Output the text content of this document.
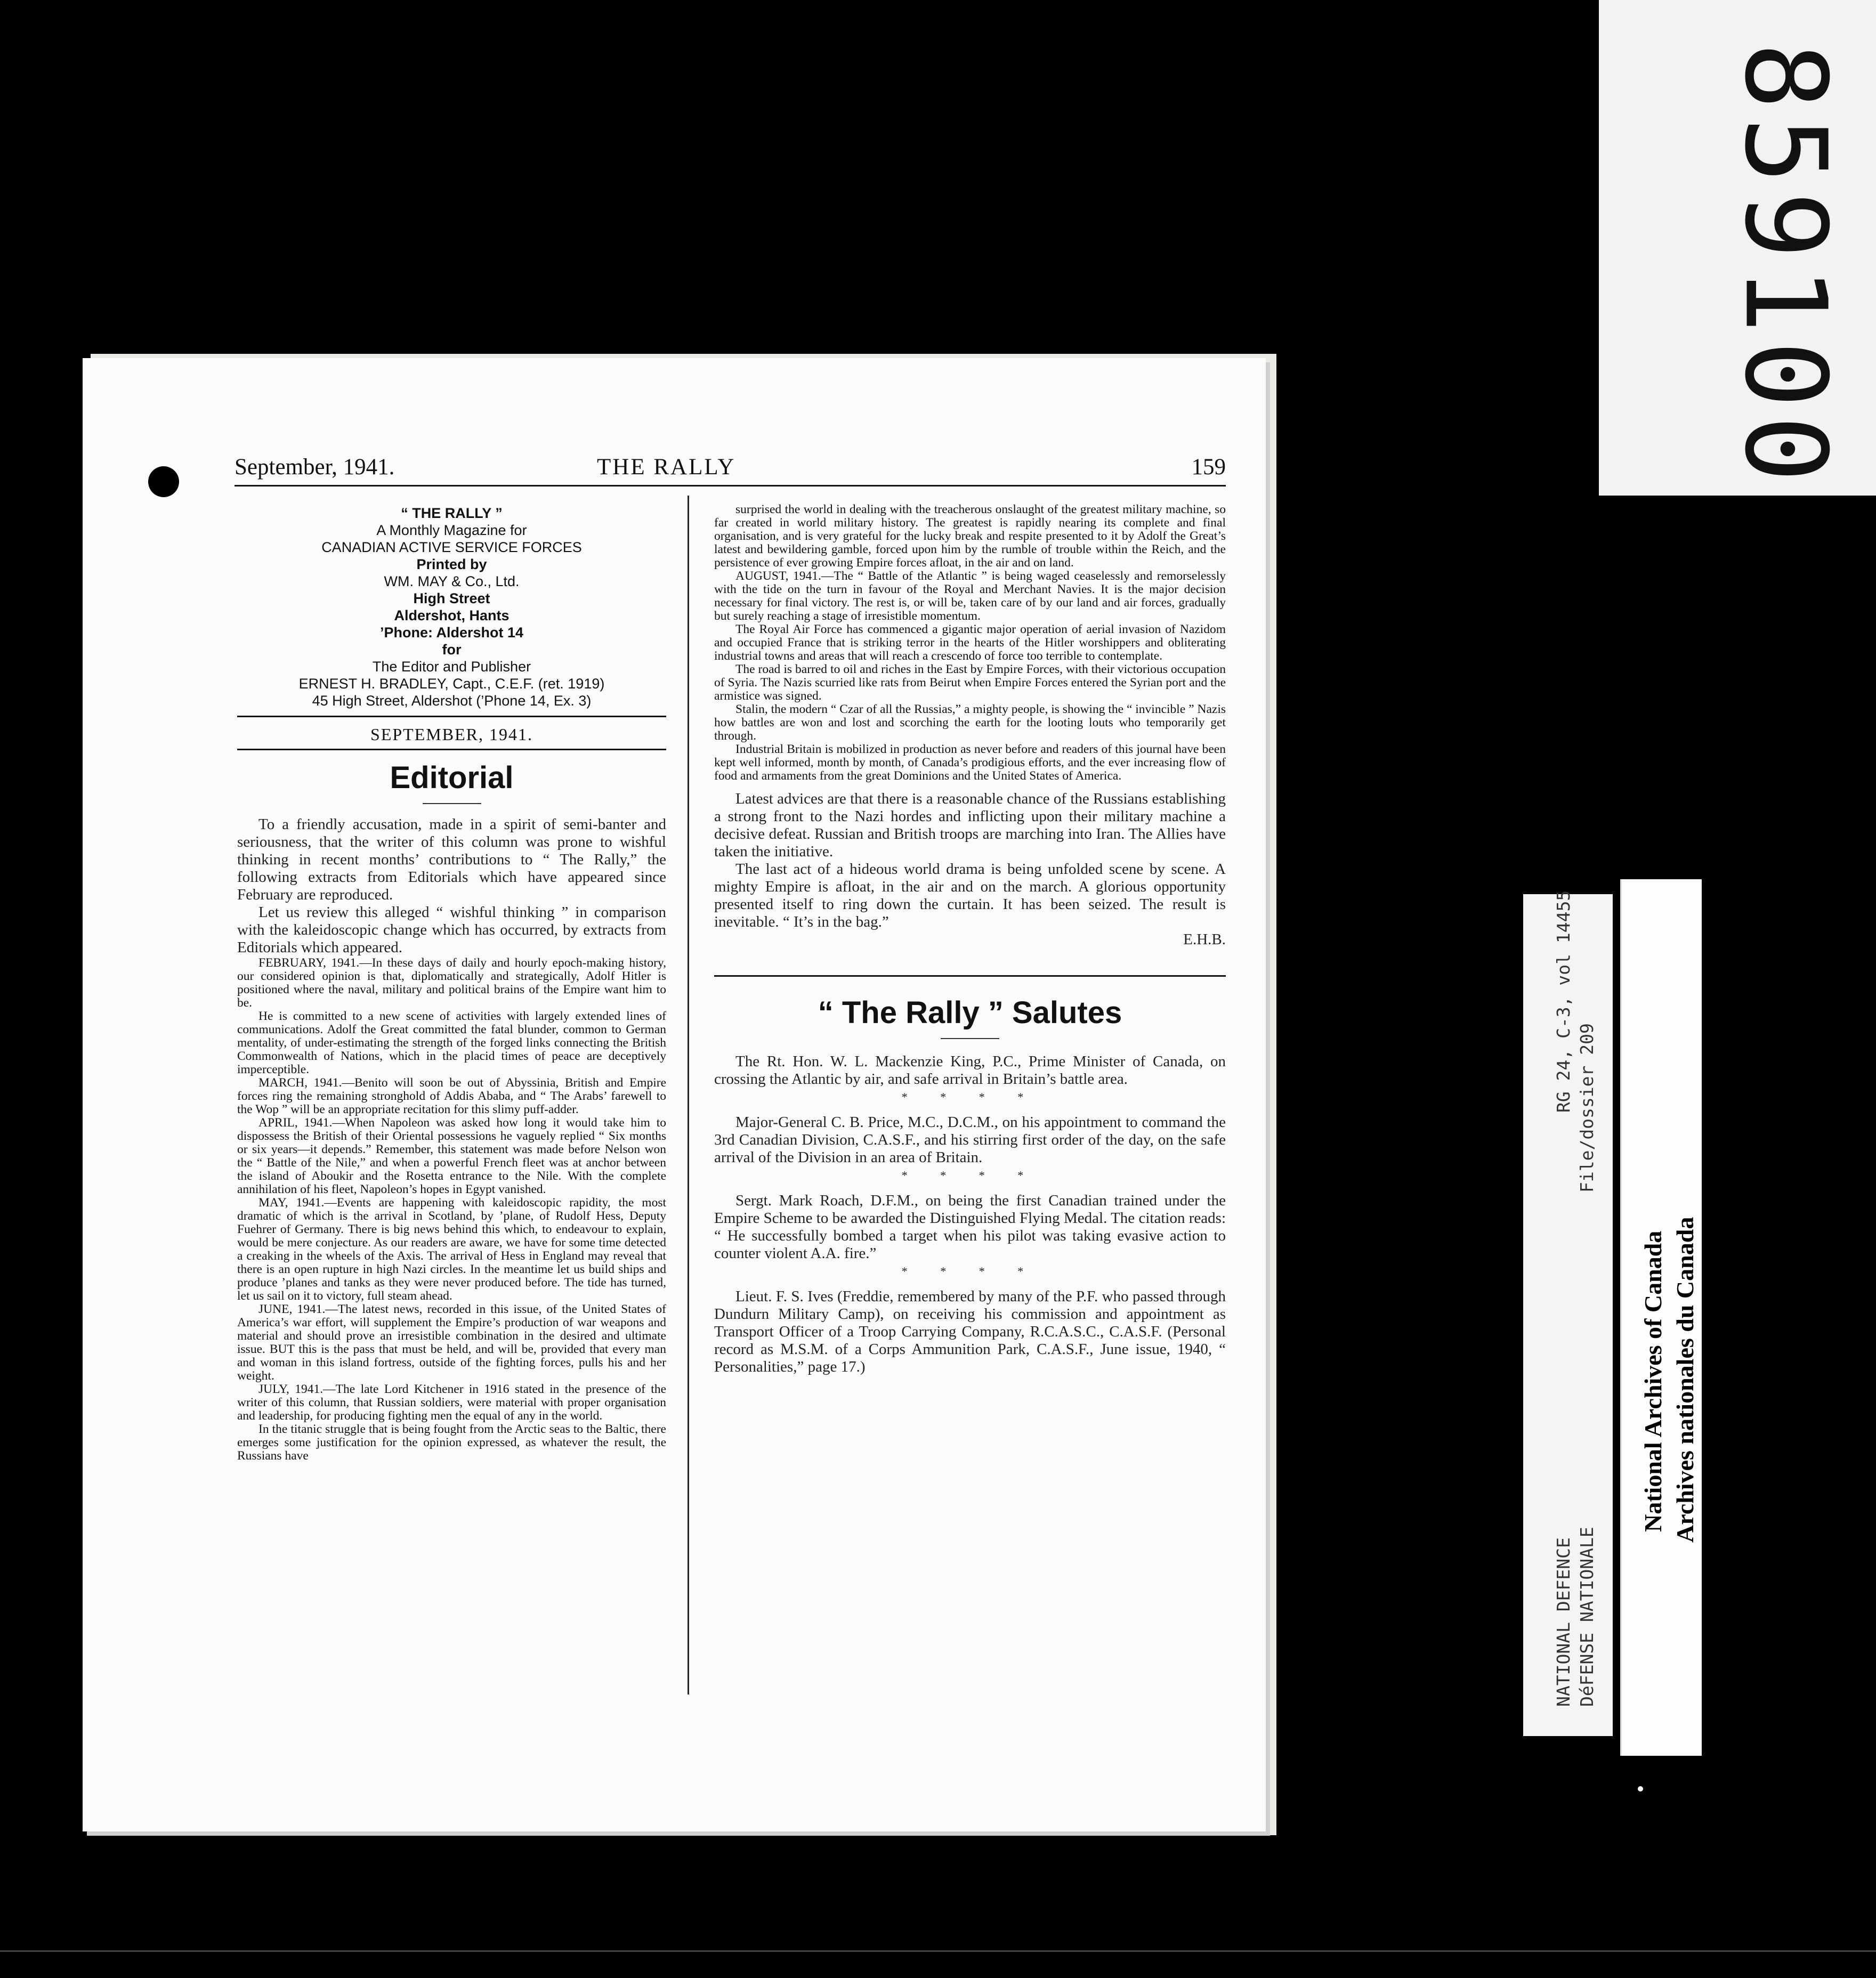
8
5
9
1
0
0
September, 1941.	THE RALLY	159
“ THE RALLY ”
A Monthly Magazine for
CANADIAN ACTIVE SERVICE FORCES
Printed by
WM. MAY & Co., Ltd.
High Street
Aldershot, Hants
’Phone: Aldershot 14
for
The Editor and Publisher
ERNEST H. BRADLEY, Capt., C.E.F. (ret. 1919)
45 High Street, Aldershot (’Phone 14, Ex. 3)
SEPTEMBER, 1941.
Editorial

To a friendly accusation, made in a spirit of semi-banter and seriousness, that the writer of this column was prone to wishful thinking in recent months’ contributions to “ The Rally,” the following extracts from Editorials which have appeared since February are reproduced.

Let us review this alleged “ wishful thinking ” in comparison with the kaleidoscopic change which has occurred, by extracts from Editorials which appeared.

FEBRUARY, 1941.—In these days of daily and hourly epoch-making history, our considered opinion is that, diplomatically and strategically, Adolf Hitler is positioned where the naval, military and political brains of the Empire want him to be.

He is committed to a new scene of activities with largely extended lines of communications. Adolf the Great committed the fatal blunder, common to German mentality, of under-estimating the strength of the forged links connecting the British Commonwealth of Nations, which in the placid times of peace are deceptively imperceptible.

MARCH, 1941.—Benito will soon be out of Abyssinia, British and Empire forces ring the remaining stronghold of Addis Ababa, and “ The Arabs’ farewell to the Wop ” will be an appropriate recitation for this slimy puff-adder.

APRIL, 1941.—When Napoleon was asked how long it would take him to dispossess the British of their Oriental possessions he vaguely replied “ Six months or six years—it depends.” Remember, this statement was made before Nelson won the “ Battle of the Nile,” and when a powerful French fleet was at anchor between the island of Aboukir and the Rosetta entrance to the Nile. With the complete annihilation of his fleet, Napoleon’s hopes in Egypt vanished.

MAY, 1941.—Events are happening with kaleidoscopic rapidity, the most dramatic of which is the arrival in Scotland, by ’plane, of Rudolf Hess, Deputy Fuehrer of Germany. There is big news behind this which, to endeavour to explain, would be mere conjecture. As our readers are aware, we have for some time detected a creaking in the wheels of the Axis. The arrival of Hess in England may reveal that there is an open rupture in high Nazi circles. In the meantime let us build ships and produce ’planes and tanks as they were never produced before. The tide has turned, let us sail on it to victory, full steam ahead.

JUNE, 1941.—The latest news, recorded in this issue, of the United States of America’s war effort, will supplement the Empire’s production of war weapons and material and should prove an irresistible combination in the desired and ultimate issue. BUT this is the pass that must be held, and will be, provided that every man and woman in this island fortress, outside of the fighting forces, pulls his and her weight.

JULY, 1941.—The late Lord Kitchener in 1916 stated in the presence of the writer of this column, that Russian soldiers, were material with proper organisation and leadership, for producing fighting men the equal of any in the world.

In the titanic struggle that is being fought from the Arctic seas to the Baltic, there emerges some justification for the opinion expressed, as whatever the result, the Russians have

surprised the world in dealing with the treacherous onslaught of the greatest military machine, so far created in world military history. The greatest is rapidly nearing its complete and final organisation, and is very grateful for the lucky break and respite presented to it by Adolf the Great’s latest and bewildering gamble, forced upon him by the rumble of trouble within the Reich, and the persistence of ever growing Empire forces afloat, in the air and on land.

AUGUST, 1941.—The “ Battle of the Atlantic ” is being waged ceaselessly and remorselessly with the tide on the turn in favour of the Royal and Merchant Navies. It is the major decision necessary for final victory. The rest is, or will be, taken care of by our land and air forces, gradually but surely reaching a stage of irresistible momentum.

The Royal Air Force has commenced a gigantic major operation of aerial invasion of Nazidom and occupied France that is striking terror in the hearts of the Hitler worshippers and obliterating industrial towns and areas that will reach a crescendo of force too terrible to contemplate.

The road is barred to oil and riches in the East by Empire Forces, with their victorious occupation of Syria. The Nazis scurried like rats from Beirut when Empire Forces entered the Syrian port and the armistice was signed.

Stalin, the modern “ Czar of all the Russias,” a mighty people, is showing the “ invincible ” Nazis how battles are won and lost and scorching the earth for the looting louts who temporarily get through.

Industrial Britain is mobilized in production as never before and readers of this journal have been kept well informed, month by month, of Canada’s prodigious efforts, and the ever increasing flow of food and armaments from the great Dominions and the United States of America.

Latest advices are that there is a reasonable chance of the Russians establishing a strong front to the Nazi hordes and inflicting upon their military machine a decisive defeat. Russian and British troops are marching into Iran. The Allies have taken the initiative.

The last act of a hideous world drama is being unfolded scene by scene. A mighty Empire is afloat, in the air and on the march. A glorious opportunity presented itself to ring down the curtain. It has been seized. The result is inevitable. “ It’s in the bag.”

E.H.B.

“ The Rally ” Salutes

The Rt. Hon. W. L. Mackenzie King, P.C., Prime Minister of Canada, on crossing the Atlantic by air, and safe arrival in Britain’s battle area.

* * * *

Major-General C. B. Price, M.C., D.C.M., on his appointment to command the 3rd Canadian Division, C.A.S.F., and his stirring first order of the day, on the safe arrival of the Division in an area of Britain.

* * * *

Sergt. Mark Roach, D.F.M., on being the first Canadian trained under the Empire Scheme to be awarded the Distinguished Flying Medal. The citation reads: “ He successfully bombed a target when his pilot was taking evasive action to counter violent A.A. fire.”

* * * *

Lieut. F. S. Ives (Freddie, remembered by many of the P.F. who passed through Dundurn Military Camp), on receiving his commission and appointment as Transport Officer of a Troop Carrying Company, R.C.A.S.C., C.A.S.F. (Personal record as M.S.M. of a Corps Ammunition Park, C.A.S.F., June issue, 1940, “ Personalities,” page 17.)

RG 24, C-3, vol 14455 File/dossier 209
NATIONAL DEFENCE DéFENSE NATIONALE
National Archives of Canada Archives nationales du Canada
